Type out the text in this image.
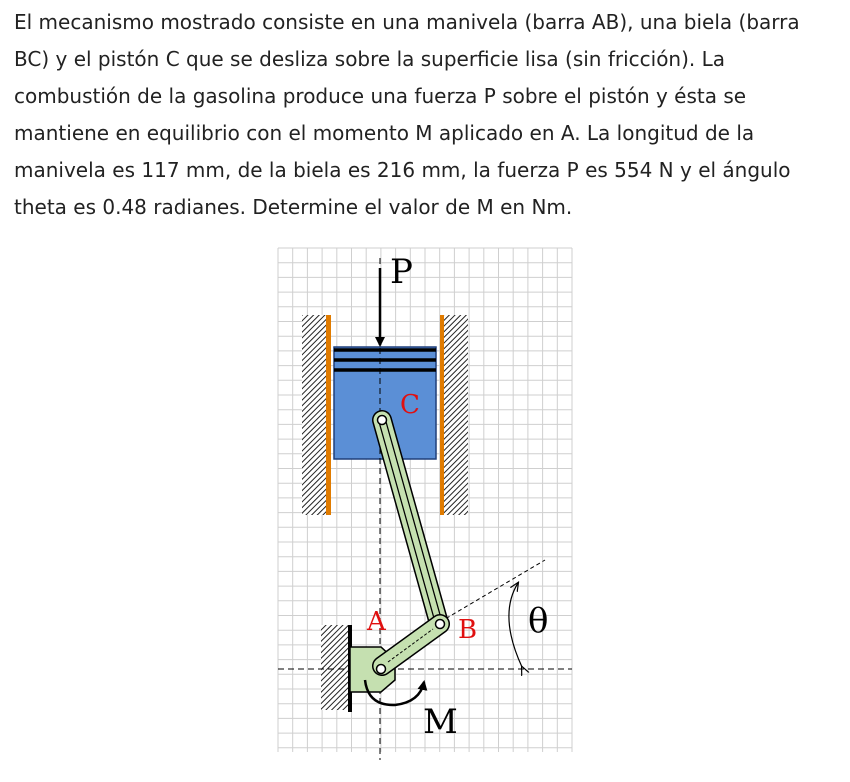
El mecanismo mostrado consiste en una manivela (barra AB), una biela (barra
BC) y el pistón C que se desliza sobre la superficie lisa (sin fricción). La
combustión de la gasolina produce una fuerza P sobre el pistón y ésta se
mantiene en equilibrio con el momento M aplicado en A. La longitud de la
manivela es 117 mm, de la biela es 216 mm, la fuerza P es 554 N y el ángulo
theta es 0.48 radianes. Determine el valor de M en Nm.
P
C
A	B θ
M
